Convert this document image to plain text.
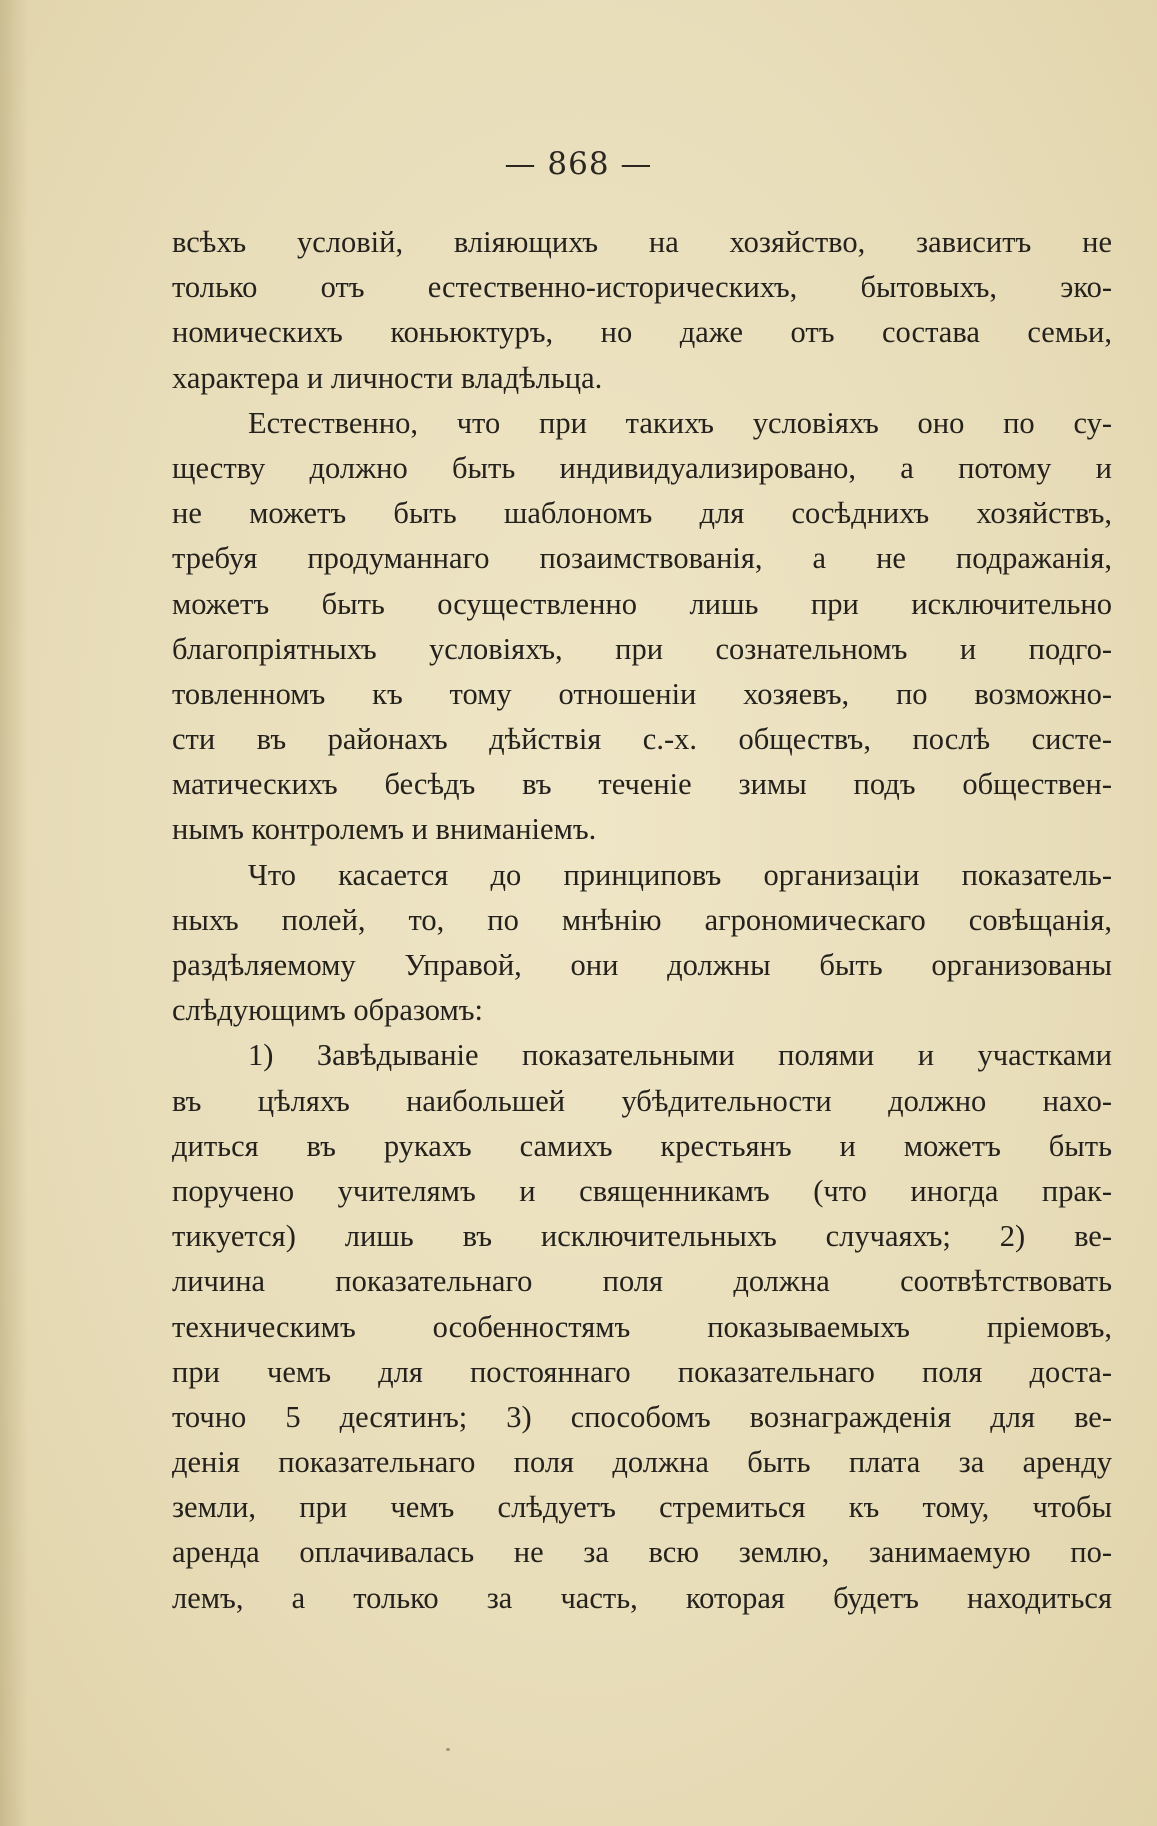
— 868 —
всѣхъ условій, вліяющихъ на хозяйство, зависитъ не
только отъ естественно-историческихъ, бытовыхъ, эко-
номическихъ коньюктуръ, но даже отъ состава семьи,
характера и личности владѣльца.
Естественно, что при такихъ условіяхъ оно по су-
ществу должно быть индивидуализировано, а потому и
не можетъ быть шаблономъ для сосѣднихъ хозяйствъ,
требуя продуманнаго позаимствованія, а не подражанія,
можетъ быть осуществленно лишь при исключительно
благопріятныхъ условіяхъ, при сознательномъ и подго-
товленномъ къ тому отношеніи хозяевъ, по возможно-
сти въ районахъ дѣйствія с.-х. обществъ, послѣ систе-
матическихъ бесѣдъ въ теченіе зимы подъ обществен-
нымъ контролемъ и вниманіемъ.
Что касается до принциповъ организаціи показатель-
ныхъ полей, то, по мнѣнію агрономическаго совѣщанія,
раздѣляемому Управой, они должны быть организованы
слѣдующимъ образомъ:
1) Завѣдываніе показательными полями и участками
въ цѣляхъ наибольшей убѣдительности должно нахо-
диться въ рукахъ самихъ крестьянъ и можетъ быть
поручено учителямъ и священникамъ (что иногда прак-
тикуется) лишь въ исключительныхъ случаяхъ; 2) ве-
личина показательнаго поля должна соотвѣтствовать
техническимъ особенностямъ показываемыхъ пріемовъ,
при чемъ для постояннаго показательнаго поля доста-
точно 5 десятинъ; 3) способомъ вознагражденія для ве-
денія показательнаго поля должна быть плата за аренду
земли, при чемъ слѣдуетъ стремиться къ тому, чтобы
аренда оплачивалась не за всю землю, занимаемую по-
лемъ, а только за часть, которая будетъ находиться
